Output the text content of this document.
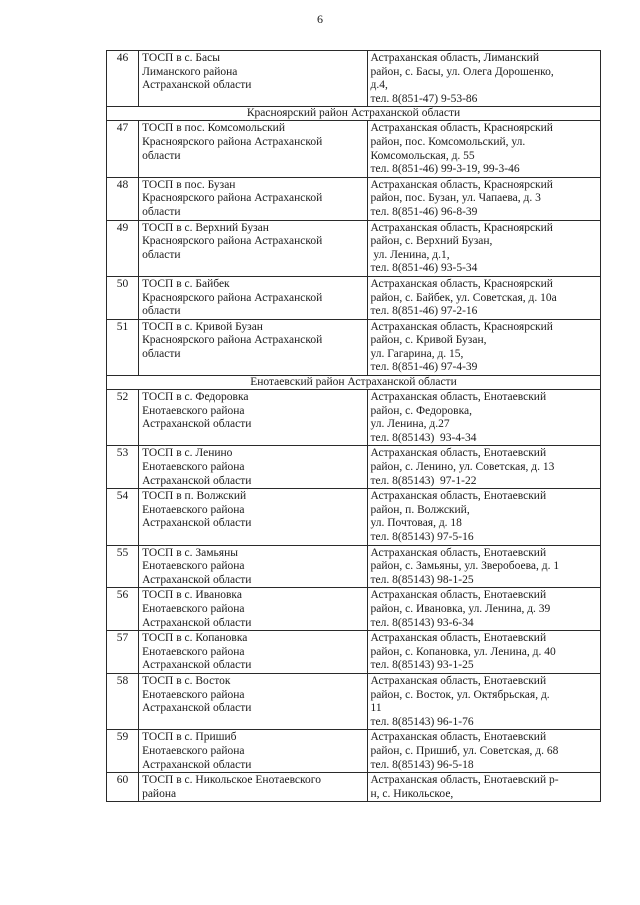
6
46	ТОСП в с. Басы
Лиманского района
Астраханской области	Астраханская область, Лиманский
район, с. Басы, ул. Олега Дорошенко,
д.4,
тел. 8(851-47) 9-53-86

Красноярский район Астраханской области		
47	ТОСП в пос. Комсомольский
Красноярского района Астраханской
области	Астраханская область, Красноярский
район, пос. Комсомольский, ул.
Комсомольская, д. 55
тел. 8(851-46) 99-3-19, 99-3-46

48	ТОСП в пос. Бузан
Красноярского района Астраханской
области	Астраханская область, Красноярский
район, пос. Бузан, ул. Чапаева, д. 3
тел. 8(851-46) 96-8-39

49	ТОСП в с. Верхний Бузан
Красноярского района Астраханской
области	Астраханская область, Красноярский
район, с. Верхний Бузан,
ул. Ленина, д.1,
тел. 8(851-46) 93-5-34

50	ТОСП в с. Байбек
Красноярского района Астраханской
области	Астраханская область, Красноярский
район, с. Байбек, ул. Советская, д. 10а
тел. 8(851-46) 97-2-16

51	ТОСП в с. Кривой Бузан
Красноярского района Астраханской
области	Астраханская область, Красноярский
район, с. Кривой Бузан,
ул. Гагарина, д. 15,
тел. 8(851-46) 97-4-39

Енотаевский район Астраханской области		
52	ТОСП в с. Федоровка
Енотаевского района
Астраханской области	Астраханская область, Енотаевский
район, с. Федоровка,
ул. Ленина, д.27
тел. 8(85143)  93-4-34

53	ТОСП в с. Ленино
Енотаевского района
Астраханской области	Астраханская область, Енотаевский
район, с. Ленино, ул. Советская, д. 13
тел. 8(85143)  97-1-22

54	ТОСП в п. Волжский
Енотаевского района
Астраханской области	Астраханская область, Енотаевский
район, п. Волжский,
ул. Почтовая, д. 18
тел. 8(85143) 97-5-16

55	ТОСП в с. Замьяны
Енотаевского района
Астраханской области	Астраханская область, Енотаевский
район, с. Замьяны, ул. Зверобоева, д. 1
тел. 8(85143) 98-1-25

56	ТОСП в с. Ивановка
Енотаевского района
Астраханской области	Астраханская область, Енотаевский
район, с. Ивановка, ул. Ленина, д. 39
тел. 8(85143) 93-6-34

57	ТОСП в с. Копановка
Енотаевского района
Астраханской области	Астраханская область, Енотаевский
район, с. Копановка, ул. Ленина, д. 40
тел. 8(85143) 93-1-25

58	ТОСП в с. Восток
Енотаевского района
Астраханской области	Астраханская область, Енотаевский
район, с. Восток, ул. Октябрьская, д.
11
тел. 8(85143) 96-1-76

59	ТОСП в с. Пришиб
Енотаевского района
Астраханской области	Астраханская область, Енотаевский
район, с. Пришиб, ул. Советская, д. 68
тел. 8(85143) 96-5-18

60	ТОСП в с. Никольское Енотаевского
района	Астраханская область, Енотаевский р-
н, с. Никольское,
